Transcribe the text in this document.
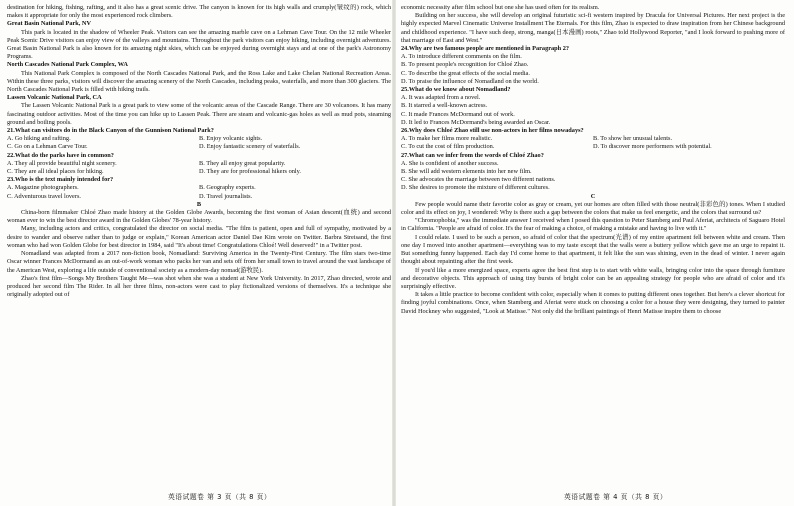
destination for hiking, fishing, rafting, and it also has a great scenic drive. The canyon is known for its high walls and crumply(皱纹的) rock, which makes it appropriate for only the most experienced rock climbers.

Great Basin National Park, NV

This park is located in the shadow of Wheeler Peak. Visitors can see the amazing marble cave on a Lehman Cave Tour. On the 12 mile Wheeler Peak Scenic Drive visitors can enjoy view of the valleys and mountains. Throughout the park visitors can enjoy hiking, including overnight adventures. Great Basin National Park is also known for its amazing night skies, which can be enjoyed during overnight stays and at one of the park's Astronomy Programs.

North Cascades National Park Complex, WA

This National Park Complex is composed of the North Cascades National Park, and the Ross Lake and Lake Chelan National Recreation Areas. Within these three parks, visitors will discover the amazing scenery of the North Cascades, including peaks, waterfalls, and more than 300 glaciers. The North Cascades National Park is filled with hiking trails.

Lassen Volcanic National Park, CA

The Lassen Volcanic National Park is a great park to view some of the volcanic areas of the Cascade Range. There are 30 volcanoes. It has many fascinating outdoor activities. Most of the time you can hike up to Lassen Peak. There are steam and volcanic-gas holes as well as mud pots, steaming ground and boiling pools.

21.What can visitors do in the Black Canyon of the Gunnison National Park?

A. Go hiking and rafting.	B. Enjoy volcanic sights.

C. Go on a Lehman Carve Tour.	D. Enjoy fantastic scenery of waterfalls.

22.What do the parks have in common?

A. They all provide beautiful night scenery.	B. They all enjoy great popularity.

C. They are all ideal places for hiking.	D. They are for professional hikers only.

23.Who is the text mainly intended for?

A. Magazine photographers.	B. Geography experts.

C. Adventurous travel lovers.	D. Travel journalists.

B

China-born filmmaker Chloé Zhao made history at the Golden Globe Awards, becoming the first woman of Asian descent(血统) and second woman ever to win the best director award in the Golden Globes' 78-year history.

Many, including actors and critics, congratulated the director on social media. "The film is patient, open and full of sympathy, motivated by a desire to wander and observe rather than to judge or explain," Korean American actor Daniel Dae Kim wrote on Twitter. Barbra Streisand, the first woman who had won Golden Globe for best director in 1984, said "It's about time! Congratulations Chloé! Well deserved!" in a Twitter post.

Nomadland was adapted from a 2017 non-fiction book, Nomadland: Surviving America in the Twenty-First Century. The film stars two-time Oscar winner Frances McDormand as an out-of-work woman who packs her van and sets off from her small town to travel around the vast landscape of the American West, exploring a life outside of conventional society as a modern-day nomad(游牧民).

Zhao's first film—Songs My Brothers Taught Me—was shot when she was a student at New York University. In 2017, Zhao directed, wrote and produced her second film The Rider. In all her three films, non-actors were cast to play fictionalized versions of themselves. It's a technique she originally adopted out of

economic necessity after film school but one she has used often for its realism.

Building on her success, she will develop an original futuristic sci-fi western inspired by Dracula for Universal Pictures. Her next project is the highly expected Marvel Cinematic Universe Installment The Eternals. For this film, Zhao is expected to draw inspiration from her Chinese background and childhood experience. "I have such deep, strong, manga(日本漫画) roots," Zhao told Hollywood Reporter, "and I look forward to pushing more of that marriage of East and West."

24.Why are two famous people are mentioned in Paragraph 2?

A. To introduce different comments on the film.

B. To present people's recognition for Chloé Zhao.

C. To describe the great effects of the social media.

D. To praise the influence of Nomadland on the world.

25.What do we know about Nomadland?

A. It was adapted from a novel.

B. It starred a well-known actress.

C. It made Frances McDormand out of work.

D. It led to Frances McDormand's being awarded an Oscar.

26.Why does Chloé Zhao still use non-actors in her films nowadays?

A. To make her films more realistic.	B. To show her unusual talents.

C. To cut the cost of film production.	D. To discover more performers with potential.

27.What can we infer from the words of Chloé Zhao?

A. She is confident of another success.

B. She will add western elements into her new film.

C. She advocates the marriage between two different nations.

D. She desires to promote the mixture of different cultures.

C

Few people would name their favorite color as gray or cream, yet our homes are often filled with those neutral(非彩色的) tones. When I studied color and its effect on joy, I wondered: Why is there such a gap between the colors that make us feel energetic, and the colors that surround us?

"Chromophobia," was the immediate answer I received when I posed this question to Peter Stamberg and Paul Aferiat, architects of Saguaro Hotel in California. "People are afraid of color. It's the fear of making a choice, of making a mistake and having to live with it."

I could relate. I used to be such a person, so afraid of color that the spectrum(光谱) of my entire apartment fell between white and cream. Then one day I moved into another apartment—everything was to my taste except that the walls were a buttery yellow which gave me an urge to repaint it. But something funny happened. Each day I'd come home to that apartment, it felt like the sun was shining, even in the dead of winter. I never again thought about repainting after the first week.

If you'd like a more energized space, experts agree the best first step is to start with white walls, bringing color into the space through furniture and decorative objects. This approach of using tiny bursts of bright color can be an appealing strategy for people who are afraid of color and it's surprisingly effective.

It takes a little practice to become confident with color, especially when it comes to putting different ones together. But here's a clever shortcut for finding joyful combinations. Once, when Stamberg and Aferiat were stuck on choosing a color for a house they were designing, they turned to painter David Hockney who suggested, "Look at Matisse." Not only did the brilliant paintings of Henri Matisse inspire them to choose

英语试题卷 第 3 页（共 8 页）	英语试题卷 第 4 页（共 8 页）
